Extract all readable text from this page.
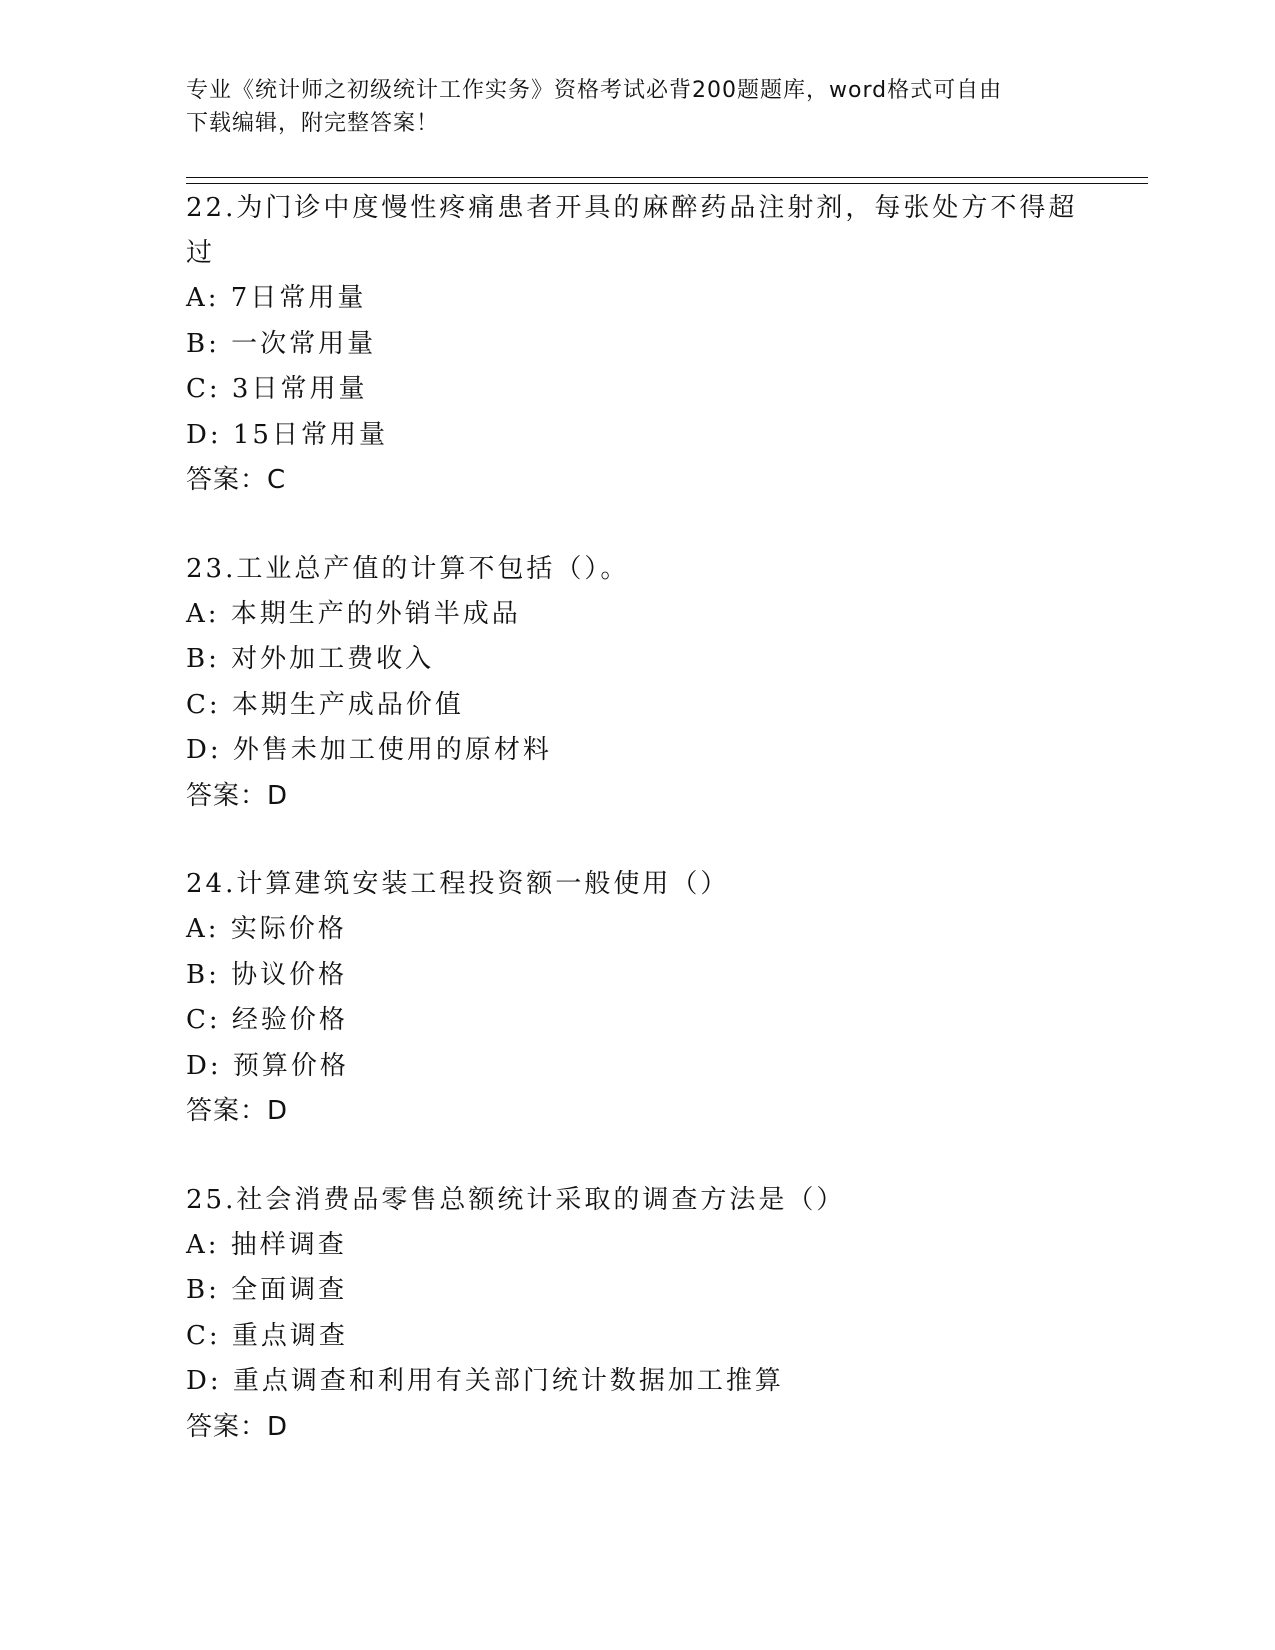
专业《统计师之初级统计工作实务》资格考试必背200题题库，word格式可自由
下载编辑，附完整答案！
22.为门诊中度慢性疼痛患者开具的麻醉药品注射剂，每张处方不得超
过
A: 7日常用量
B: 一次常用量
C: 3日常用量
D: 15日常用量
答案：C
23.工业总产值的计算不包括（）。
A: 本期生产的外销半成品
B: 对外加工费收入
C: 本期生产成品价值
D: 外售未加工使用的原材料
答案：D
24.计算建筑安装工程投资额一般使用（）
A: 实际价格
B: 协议价格
C: 经验价格
D: 预算价格
答案：D
25.社会消费品零售总额统计采取的调查方法是（）
A: 抽样调查
B: 全面调查
C: 重点调查
D: 重点调查和利用有关部门统计数据加工推算
答案：D
